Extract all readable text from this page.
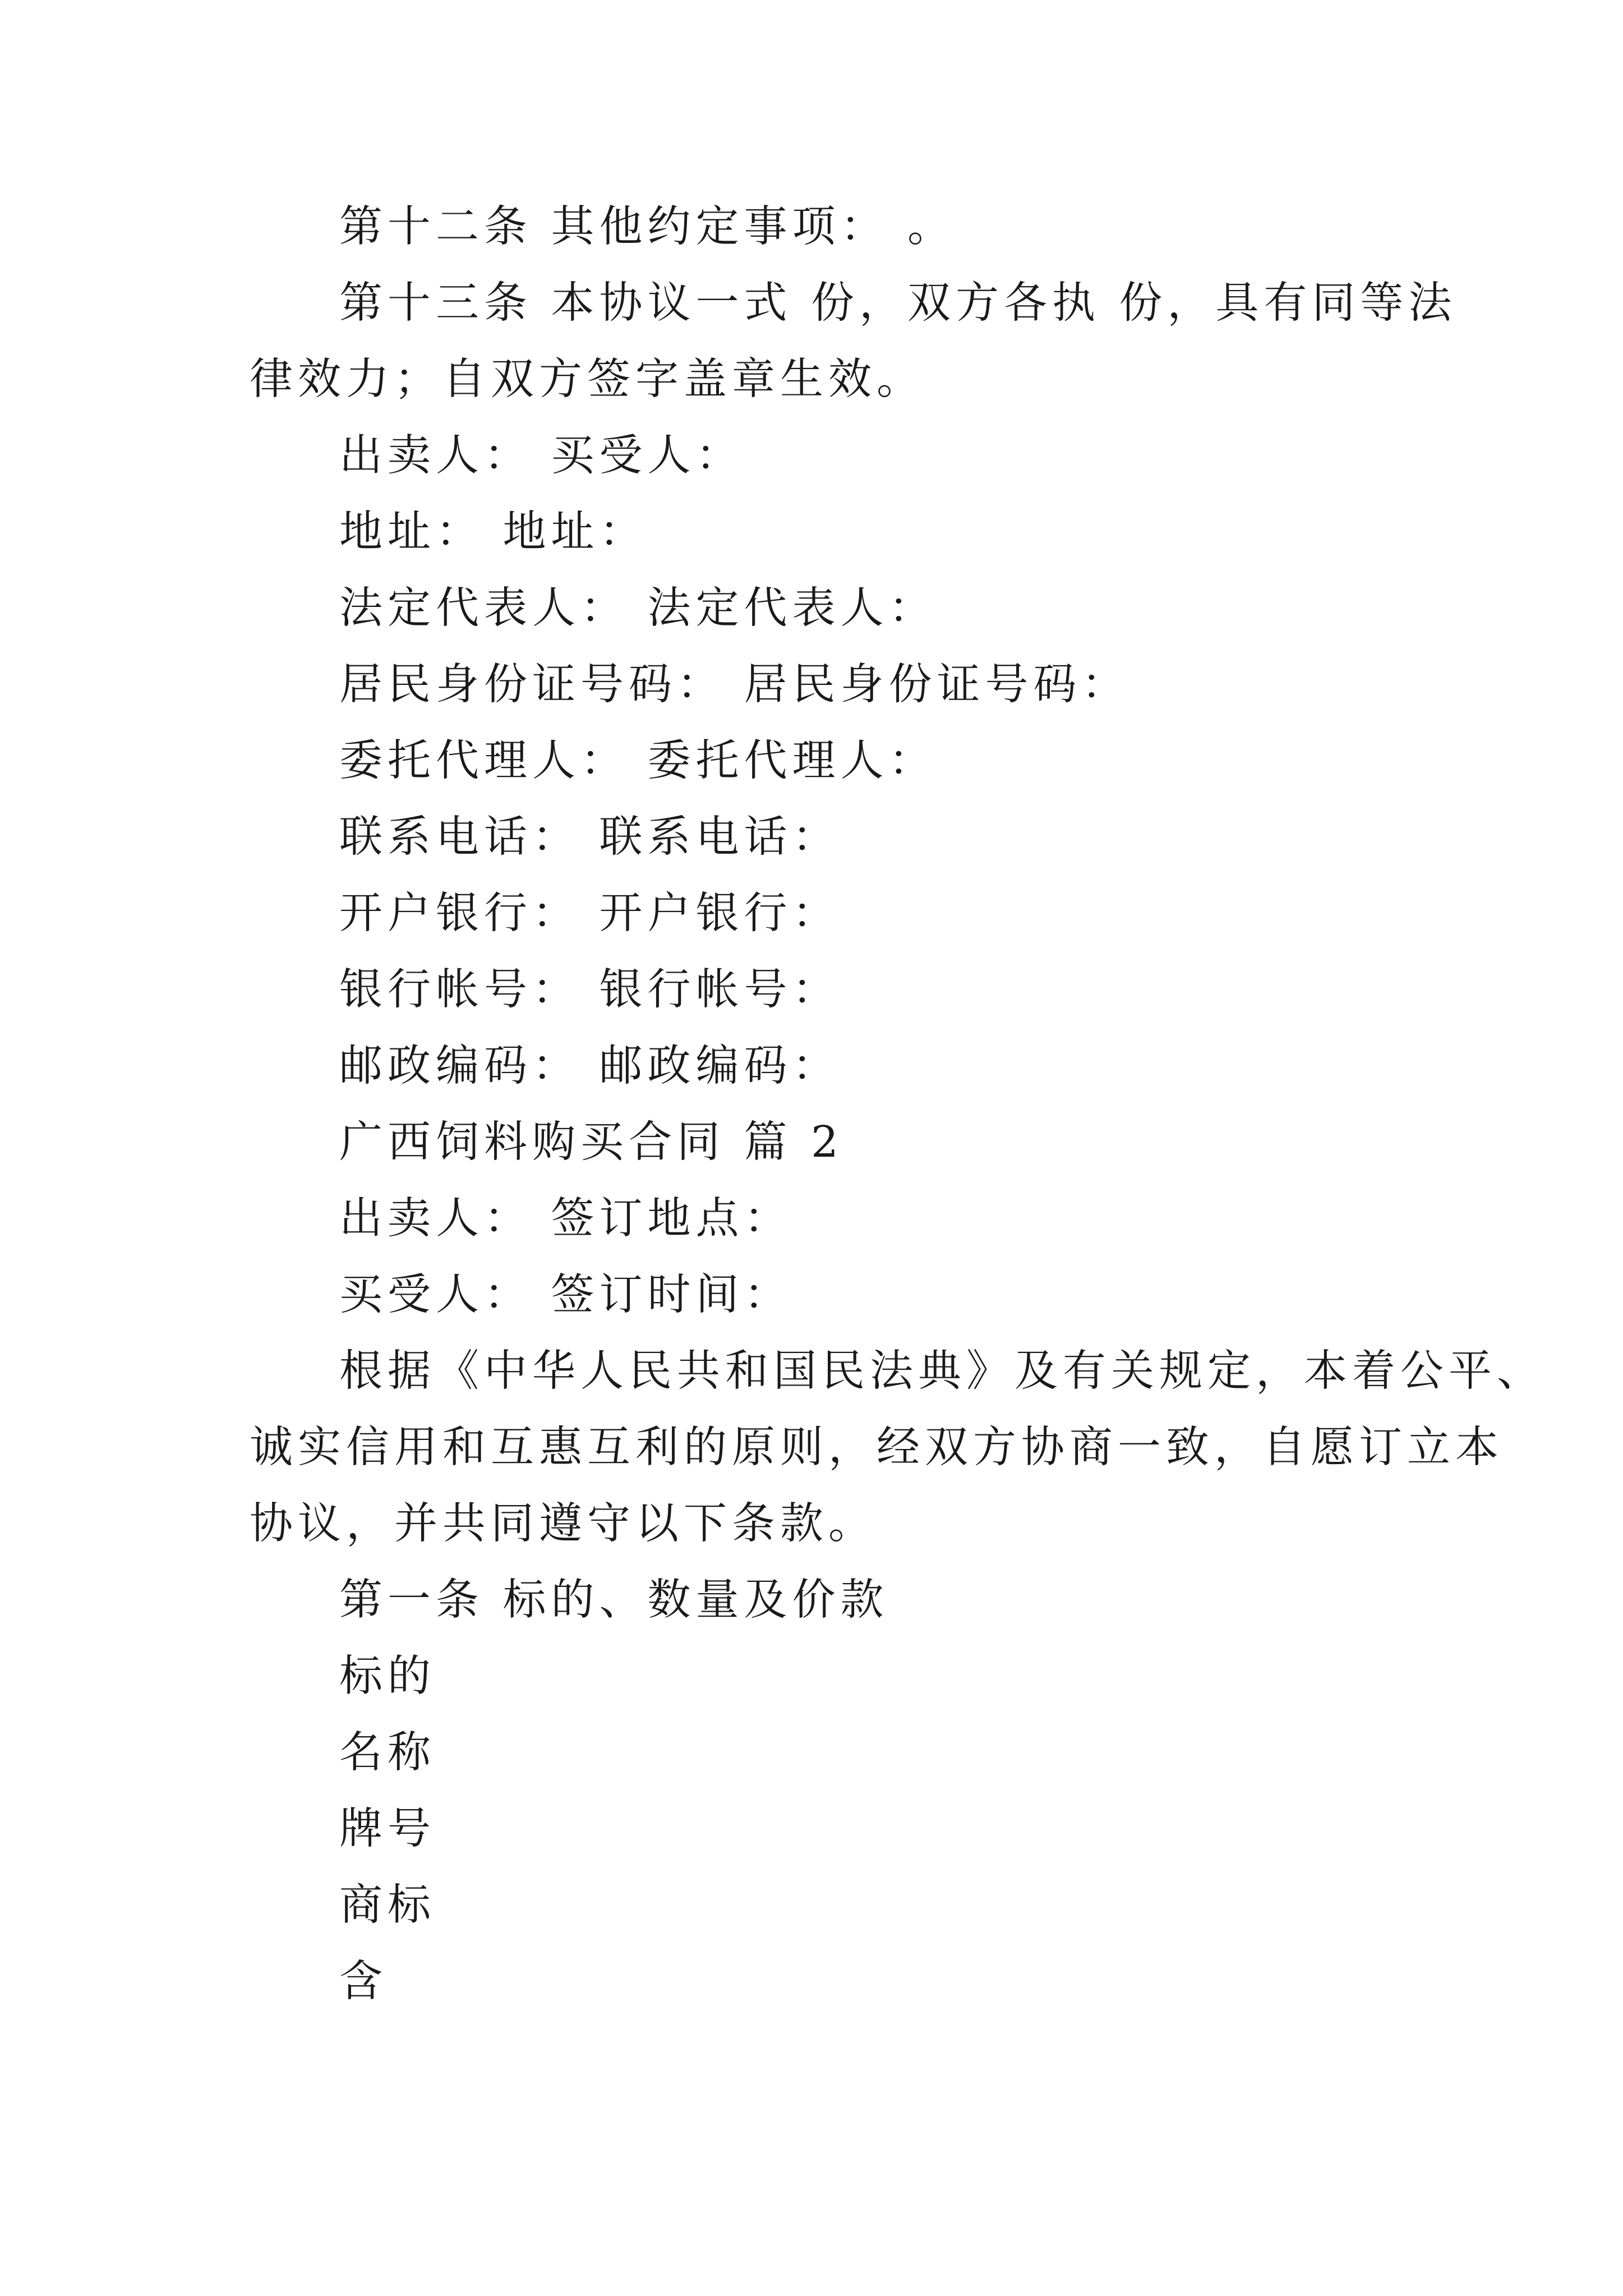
第十二条 其他约定事项： 。
第十三条 本协议一式 份，双方各执 份，具有同等法
律效力；自双方签字盖章生效。
出卖人： 买受人：
地址： 地址：
法定代表人： 法定代表人：
居民身份证号码： 居民身份证号码：
委托代理人： 委托代理人：
联系电话： 联系电话：
开户银行： 开户银行：
银行帐号： 银行帐号：
邮政编码： 邮政编码：
广西饲料购买合同 篇 2
出卖人： 签订地点：
买受人： 签订时间：
根据《中华人民共和国民法典》及有关规定，本着公平、
诚实信用和互惠互利的原则，经双方协商一致，自愿订立本
协议，并共同遵守以下条款。
第一条 标的、数量及价款
标的
名称
牌号
商标
含
